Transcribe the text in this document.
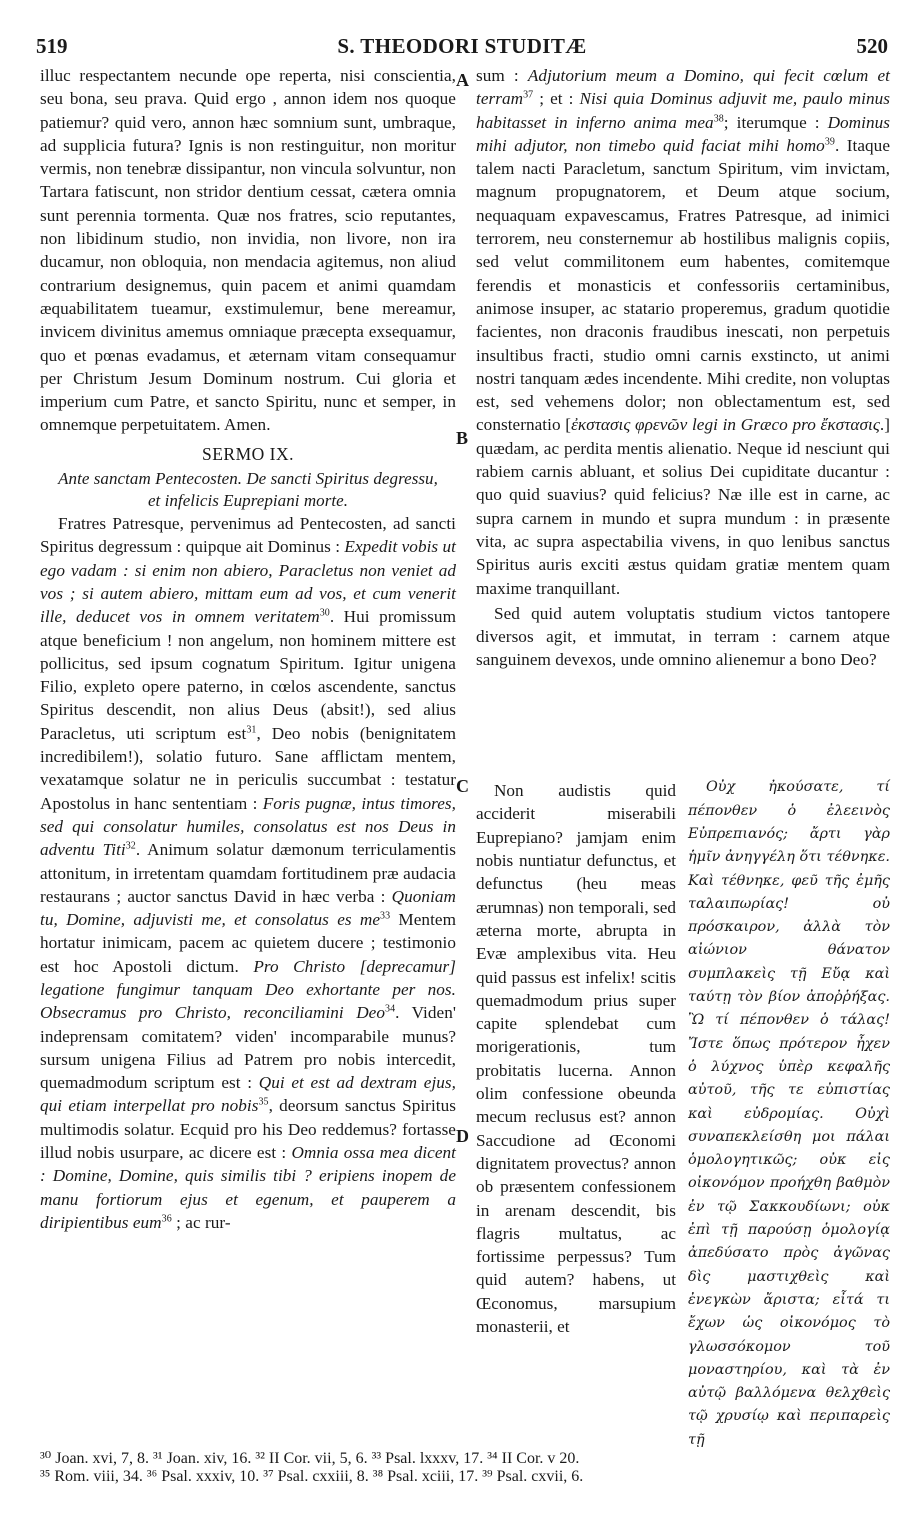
519	S. THEODORI STUDITÆ	520

illuc respectantem necunde ope reperta, nisi conscientia, seu bona, seu prava. Quid ergo , annon idem nos quoque patiemur? quid vero, annon hæc somnium sunt, umbraque, ad supplicia futura? Ignis is non restinguitur, non moritur vermis, non tenebræ dissipantur, non vincula solvuntur, non Tartara fatiscunt, non stridor dentium cessat, cætera omnia sunt perennia tormenta. Quæ nos fratres, scio reputantes, non libidinum studio, non invidia, non livore, non ira ducamur, non obloquia, non mendacia agitemus, non aliud contrarium designemus, quin pacem et animi quamdam æquabilitatem tueamur, exstimulemur, bene mereamur, invicem divinitus amemus omniaque præcepta exsequamur, quo et pœnas evadamus, et æternam vitam consequamur per Christum Jesum Dominum nostrum. Cui gloria et imperium cum Patre, et sancto Spiritu, nunc et semper, in omnemque perpetuitatem. Amen.

SERMO IX.
Ante sanctam Pentecosten. De sancti Spiritus degressu, et infelicis Euprepiani morte.

Fratres Patresque, pervenimus ad Pentecosten, ad sancti Spiritus degressum : quipque ait Dominus : Expedit vobis ut ego vadam : si enim non abiero, Paracletus non veniet ad vos ; si autem abiero, mittam eum ad vos, et cum venerit ille, deducet vos in omnem veritatem$^{30}$. Hui promissum atque beneficium ! non angelum, non hominem mittere est pollicitus, sed ipsum cognatum Spiritum. Igitur unigena Filio, expleto opere paterno, in cœlos ascendente, sanctus Spiritus descendit, non alius Deus (absit!), sed alius Paracletus, uti scriptum est$^{31}$, Deo nobis (benignitatem incredibilem!), solatio futuro. Sane afflictam mentem, vexatamque solatur ne in periculis succumbat : testatur Apostolus in hanc sententiam : Foris pugnæ, intus timores, sed qui consolatur humiles, consolatus est nos Deus in adventu Titi$^{32}$. Animum solatur dæmonum terriculamentis attonitum, in irretentam quamdam fortitudinem præ audacia restaurans ; auctor sanctus David in hæc verba : Quoniam tu, Domine, adjuvisti me, et consolatus es $me^{33}$ Mentem hortatur inimicam, pacem ac quietem ducere ; testimonio est hoc Apostoli dictum. Pro Christo [deprecamur] legatione fungimur tanquam Deo exhortante per nos. Obsecramus pro Christo, reconciliamini Deo$^{34}$. Viden' indeprensam comitatem? viden' incomparabile munus? sursum unigena Filius ad Patrem pro nobis intercedit, quemadmodum scriptum est : Qui et est ad dextram ejus, qui etiam interpellat pro nobis$^{35}$, deorsum sanctus Spiritus multimodis solatur. Ecquid pro his Deo reddemus? fortasse illud nobis usurpare, ac dicere est : Omnia ossa mea dicent : Domine, Domine, quis similis tibi ? eripiens inopem de manu fortiorum ejus et egenum, et pauperem a diripientibus eum$^{36}$ ; ac rur-

A
B
C
D

sum : Adjutorium meum a Domino, qui fecit cœlum et terram$^{37}$ ; et : Nisi quia Dominus adjuvit me, paulo minus habitasset in inferno anima mea$^{38}$; iterumque : Dominus mihi adjutor, non timebo quid faciat mihi homo$^{39}$. Itaque talem nacti Paracletum, sanctum Spiritum, vim invictam, magnum propugnatorem, et Deum atque socium, nequaquam expavescamus, Fratres Patresque, ad inimici terrorem, neu consternemur ab hostilibus malignis copiis, sed velut commilitonem eum habentes, comitemque ferendis et monasticis et confessoriis certaminibus, animose insuper, ac statario properemus, gradum quotidie facientes, non draconis fraudibus inescati, non perpetuis insultibus fracti, studio omni carnis exstincto, ut animi nostri tanquam ædes incendente. Mihi credite, non voluptas est, sed vehemens dolor; non oblectamentum est, sed consternatio [ἐκστασις φρενῶν legi in Græco pro ἔκστασις.] quædam, ac perdita mentis alienatio. Neque id nesciunt qui rabiem carnis abluant, et solius Dei cupiditate ducantur : quo quid suavius? quid felicius? Næ ille est in carne, ac supra carnem in mundo et supra mundum : in præsente vita, ac supra aspectabilia vivens, in quo lenibus sanctus Spiritus auris exciti æstus quidam gratiæ mentem quam maxime tranquillant.

Sed quid autem voluptatis studium victos tantopere diversos agit, et immutat, in terram : carnem atque sanguinem devexos, unde omnino alienemur a bono Deo?

Non audistis quid acciderit miserabili Euprepiano? jamjam enim nobis nuntiatur defunctus, et defunctus (heu meas ærumnas) non temporali, sed æterna morte, abrupta in Evæ amplexibus vita. Heu quid passus est infelix! scitis quemadmodum prius super capite splendebat cum morigerationis, tum probitatis lucerna. Annon olim confessione obeunda mecum reclusus est? annon Saccudione ad Œconomi dignitatem provectus? annon ob præsentem confessionem in arenam descendit, bis flagris multatus, ac fortissime perpessus? Tum quid autem? habens, ut Œconomus, marsupium monasterii, et

Οὐχ ἠκούσατε, τί πέπονθεν ὁ ἐλεεινὸς Εὐπρεπιανός; ἄρτι γὰρ ἡμῖν ἀνηγγέλη ὅτι τέθνηκε. Καὶ τέθνηκε, φεῦ τῆς ἐμῆς ταλαιπωρίας! οὐ πρόσκαιρον, ἀλλὰ τὸν αἰώνιον θάνατον συμπλακεὶς τῇ Εὔᾳ καὶ ταύτῃ τὸν βίον ἀποῤῥήξας. Ὢ τί πέπονθεν ὁ τάλας! Ἴστε ὅπως πρότερον ἦχεν ὁ λύχνος ὑπὲρ κεφαλῆς αὐτοῦ, τῆς τε εὐπιστίας καὶ εὐδρομίας. Οὐχὶ συναπεκλείσθη μοι πάλαι ὁμολογητικῶς; οὐκ εἰς οἰκονόμον προήχθη βαθμὸν ἐν τῷ Σακκουδίωνι; οὐκ ἐπὶ τῇ παρούσῃ ὁμολογίᾳ ἀπεδύσατο πρὸς ἀγῶνας δὶς μαστιχθεὶς καὶ ἐνεγκὼν ἄριστα; εἶτά τι ἔχων ὡς οἰκονόμος τὸ γλωσσόκομον τοῦ μοναστηρίου, καὶ τὰ ἐν αὐτῷ βαλλόμενα θελχθεὶς τῷ χρυσίῳ καὶ περιπαρεὶς τῇ

³⁰ Joan. xvi, 7, 8. ³¹ Joan. xiv, 16. ³² II Cor. vii, 5, 6. ³³ Psal. lxxxv, 17. ³⁴ II Cor. v 20.
³⁵ Rom. viii, 34. ³⁶ Psal. xxxiv, 10. ³⁷ Psal. cxxiii, 8. ³⁸ Psal. xciii, 17. ³⁹ Psal. cxvii, 6.
